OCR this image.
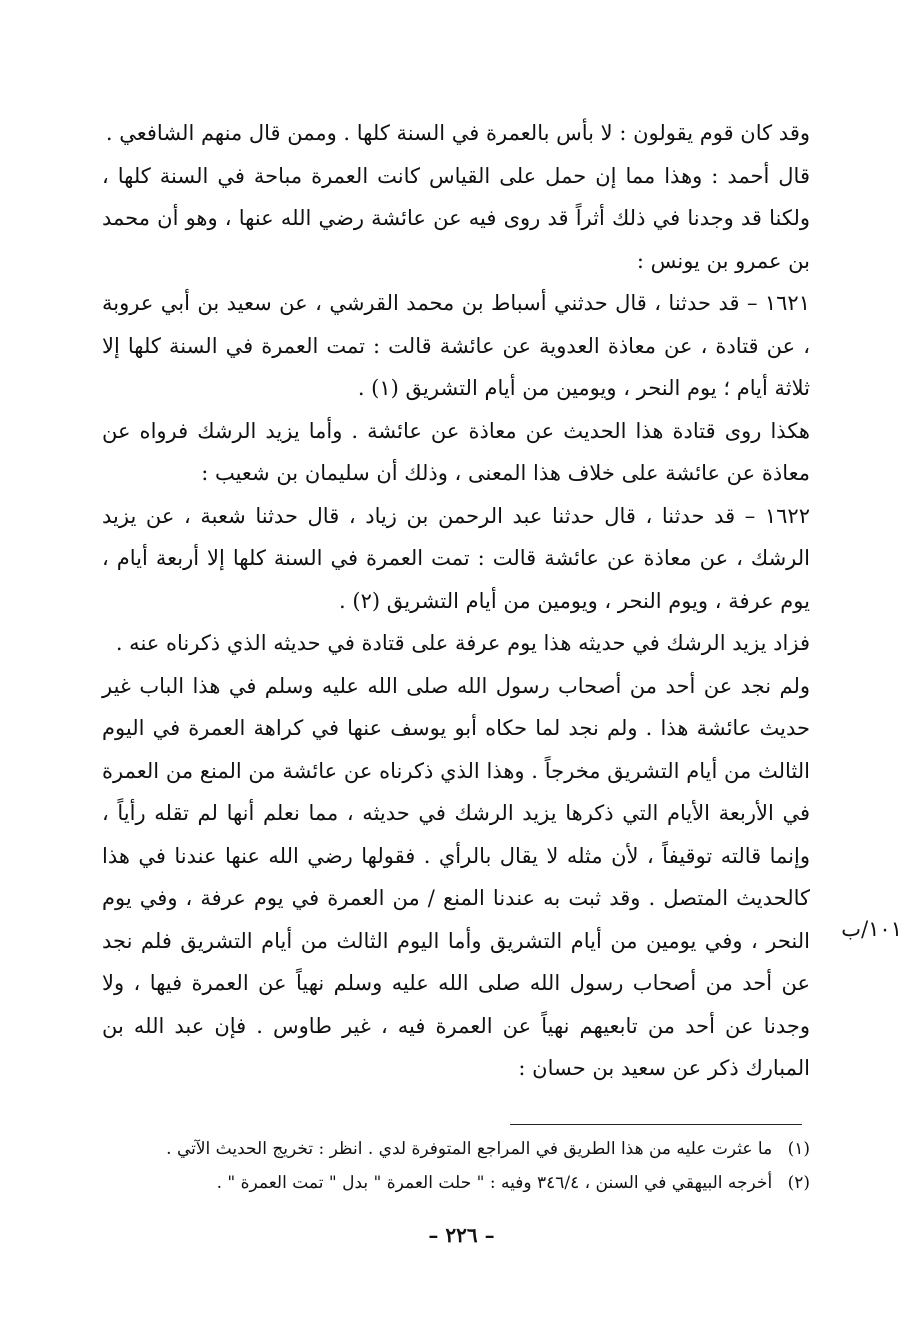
وقد كان قوم يقولون : لا بأس بالعمرة في السنة كلها . وممن قال منهم الشافعي .

قال أحمد : وهذا مما إن حمل على القياس كانت العمرة مباحة في السنة كلها ، ولكنا قد وجدنا في ذلك أثراً قد روى فيه عن عائشة رضي الله عنها ، وهو أن محمد بن عمرو بن يونس :

١٦٢١ – قد حدثنا ، قال حدثني أسباط بن محمد القرشي ، عن سعيد بن أبي عروبة ، عن قتادة ، عن معاذة العدوية عن عائشة قالت : تمت العمرة في السنة كلها إلا ثلاثة أيام ؛ يوم النحر ، ويومين من أيام التشريق (١) .

هكذا روى قتادة هذا الحديث عن معاذة عن عائشة . وأما يزيد الرشك فرواه عن معاذة عن عائشة على خلاف هذا المعنى ، وذلك أن سليمان بن شعيب :

١٦٢٢ – قد حدثنا ، قال حدثنا عبد الرحمن بن زياد ، قال حدثنا شعبة ، عن يزيد الرشك ، عن معاذة عن عائشة قالت : تمت العمرة في السنة كلها إلا أربعة أيام ، يوم عرفة ، ويوم النحر ، ويومين من أيام التشريق (٢) .

فزاد يزيد الرشك في حديثه هذا يوم عرفة على قتادة في حديثه الذي ذكرناه عنه .

ولم نجد عن أحد من أصحاب رسول الله صلى الله عليه وسلم في هذا الباب غير حديث عائشة هذا . ولم نجد لما حكاه أبو يوسف عنها في كراهة العمرة في اليوم الثالث من أيام التشريق مخرجاً . وهذا الذي ذكرناه عن عائشة من المنع من العمرة في الأربعة الأيام التي ذكرها يزيد الرشك في حديثه ، مما نعلم أنها لم تقله رأياً ، وإنما قالته توقيفاً ، لأن مثله لا يقال بالرأي . فقولها رضي الله عنها عندنا في هذا كالحديث المتصل . وقد ثبت به عندنا المنع / من العمرة في يوم عرفة ، وفي يوم النحر ، وفي يومين من أيام التشريق وأما اليوم الثالث من أيام التشريق فلم نجد عن أحد من أصحاب رسول الله صلى الله عليه وسلم نهياً عن العمرة فيها ، ولا وجدنا عن أحد من تابعيهم نهياً عن العمرة فيه ، غير طاوس . فإن عبد الله بن المبارك ذكر عن سعيد بن حسان :

١٠١/ب

(١) ما عثرت عليه من هذا الطريق في المراجع المتوفرة لدي . انظر : تخريج الحديث الآتي .

(٢) أخرجه البيهقي في السنن ، ٣٤٦/٤ وفيه : " حلت العمرة " بدل " تمت العمرة " .

– ٢٢٦ –
